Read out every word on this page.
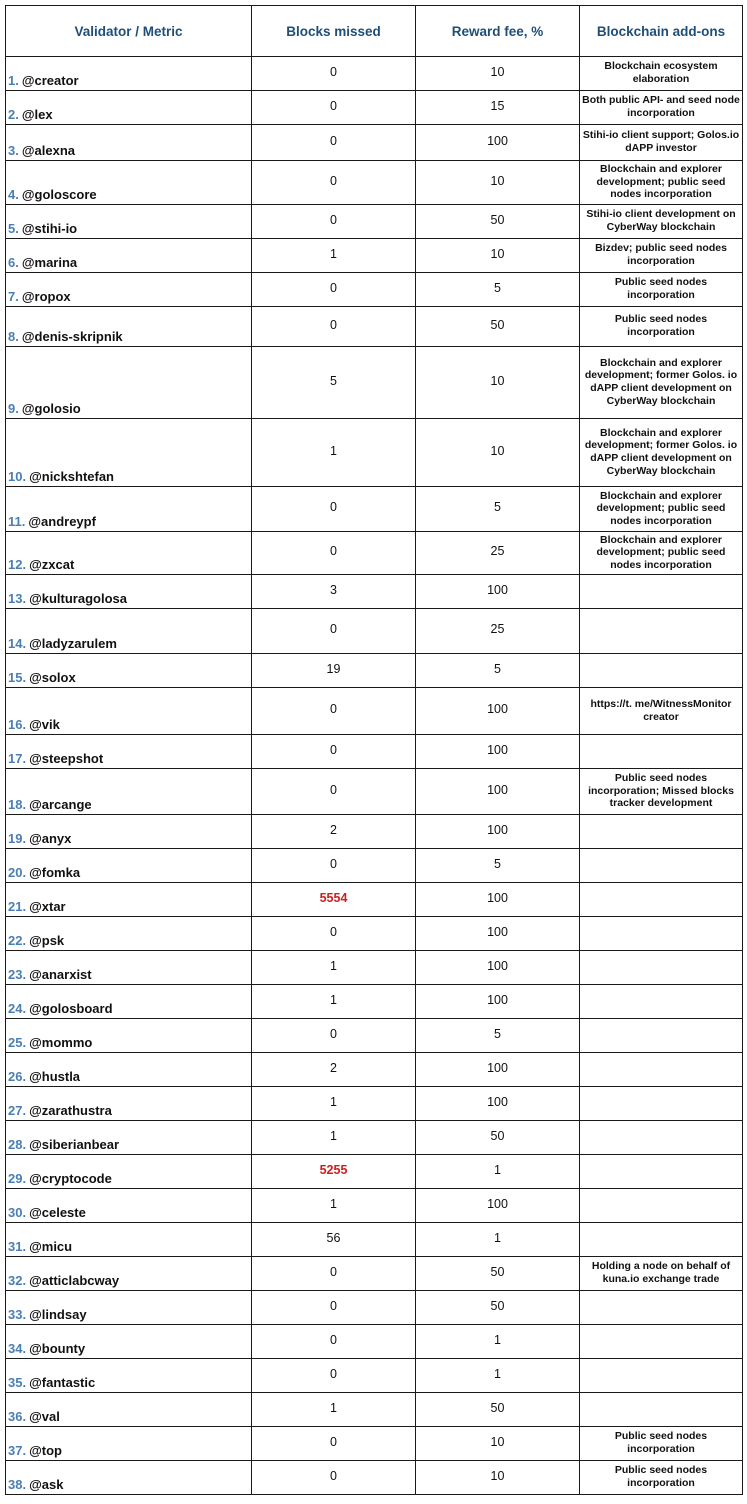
Validator / Metric	Blocks missed	Reward fee, %	Blockchain add-ons
1. @creator	0	10	Blockchain ecosystem elaboration
2. @lex	0	15	Both public API- and seed node incorporation
3. @alexna	0	100	Stihi-io client support; Golos.io dAPP investor
4. @goloscore	0	10	Blockchain and explorer development; public seed nodes incorporation
5. @stihi-io	0	50	Stihi-io client development on CyberWay blockchain
6. @marina	1	10	Bizdev; public seed nodes incorporation
7. @ropox	0	5	Public seed nodes incorporation
8. @denis-skripnik	0	50	Public seed nodes incorporation
9. @golosio	5	10	Blockchain and explorer development; former Golos. io dAPP client development on CyberWay blockchain
10. @nickshtefan	1	10	Blockchain and explorer development; former Golos. io dAPP client development on CyberWay blockchain
11. @andreypf	0	5	Blockchain and explorer development; public seed nodes incorporation
12. @zxcat	0	25	Blockchain and explorer development; public seed nodes incorporation
13. @kulturagolosa	3	100	
14. @ladyzarulem	0	25	
15. @solox	19	5	
16. @vik	0	100	https://t. me/WitnessMonitor creator
17. @steepshot	0	100	
18. @arcange	0	100	Public seed nodes incorporation; Missed blocks tracker development
19. @anyx	2	100	
20. @fomka	0	5	
21. @xtar	5554	100	
22. @psk	0	100	
23. @anarxist	1	100	
24. @golosboard	1	100	
25. @mommo	0	5	
26. @hustla	2	100	
27. @zarathustra	1	100	
28. @siberianbear	1	50	
29. @cryptocode	5255	1	
30. @celeste	1	100	
31. @micu	56	1	
32. @atticlabcway	0	50	Holding a node on behalf of kuna.io exchange trade
33. @lindsay	0	50	
34. @bounty	0	1	
35. @fantastic	0	1	
36. @val	1	50	
37. @top	0	10	Public seed nodes incorporation
38. @ask	0	10	Public seed nodes incorporation
